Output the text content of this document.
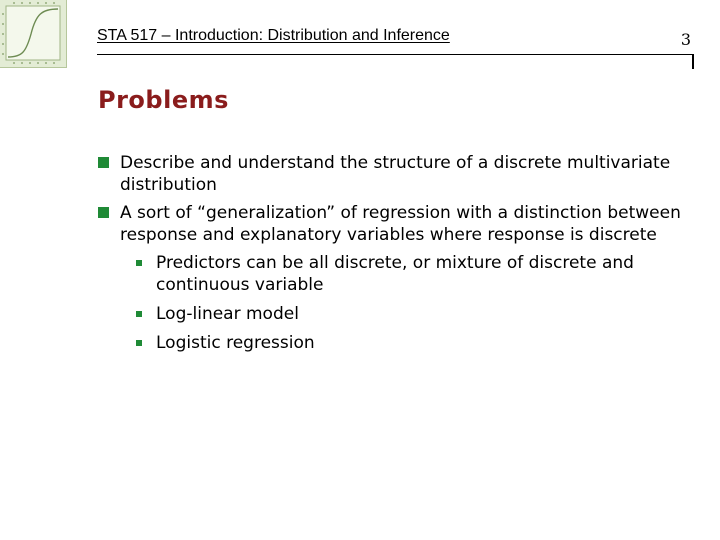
STA 517 – Introduction: Distribution and Inference	3
Problems
Describe and understand the structure of a discrete multivariate distribution
A sort of “generalization” of regression with a distinction between response and explanatory variables where response is discrete
Predictors can be all discrete, or mixture of discrete and continuous variable
Log-linear model
Logistic regression
